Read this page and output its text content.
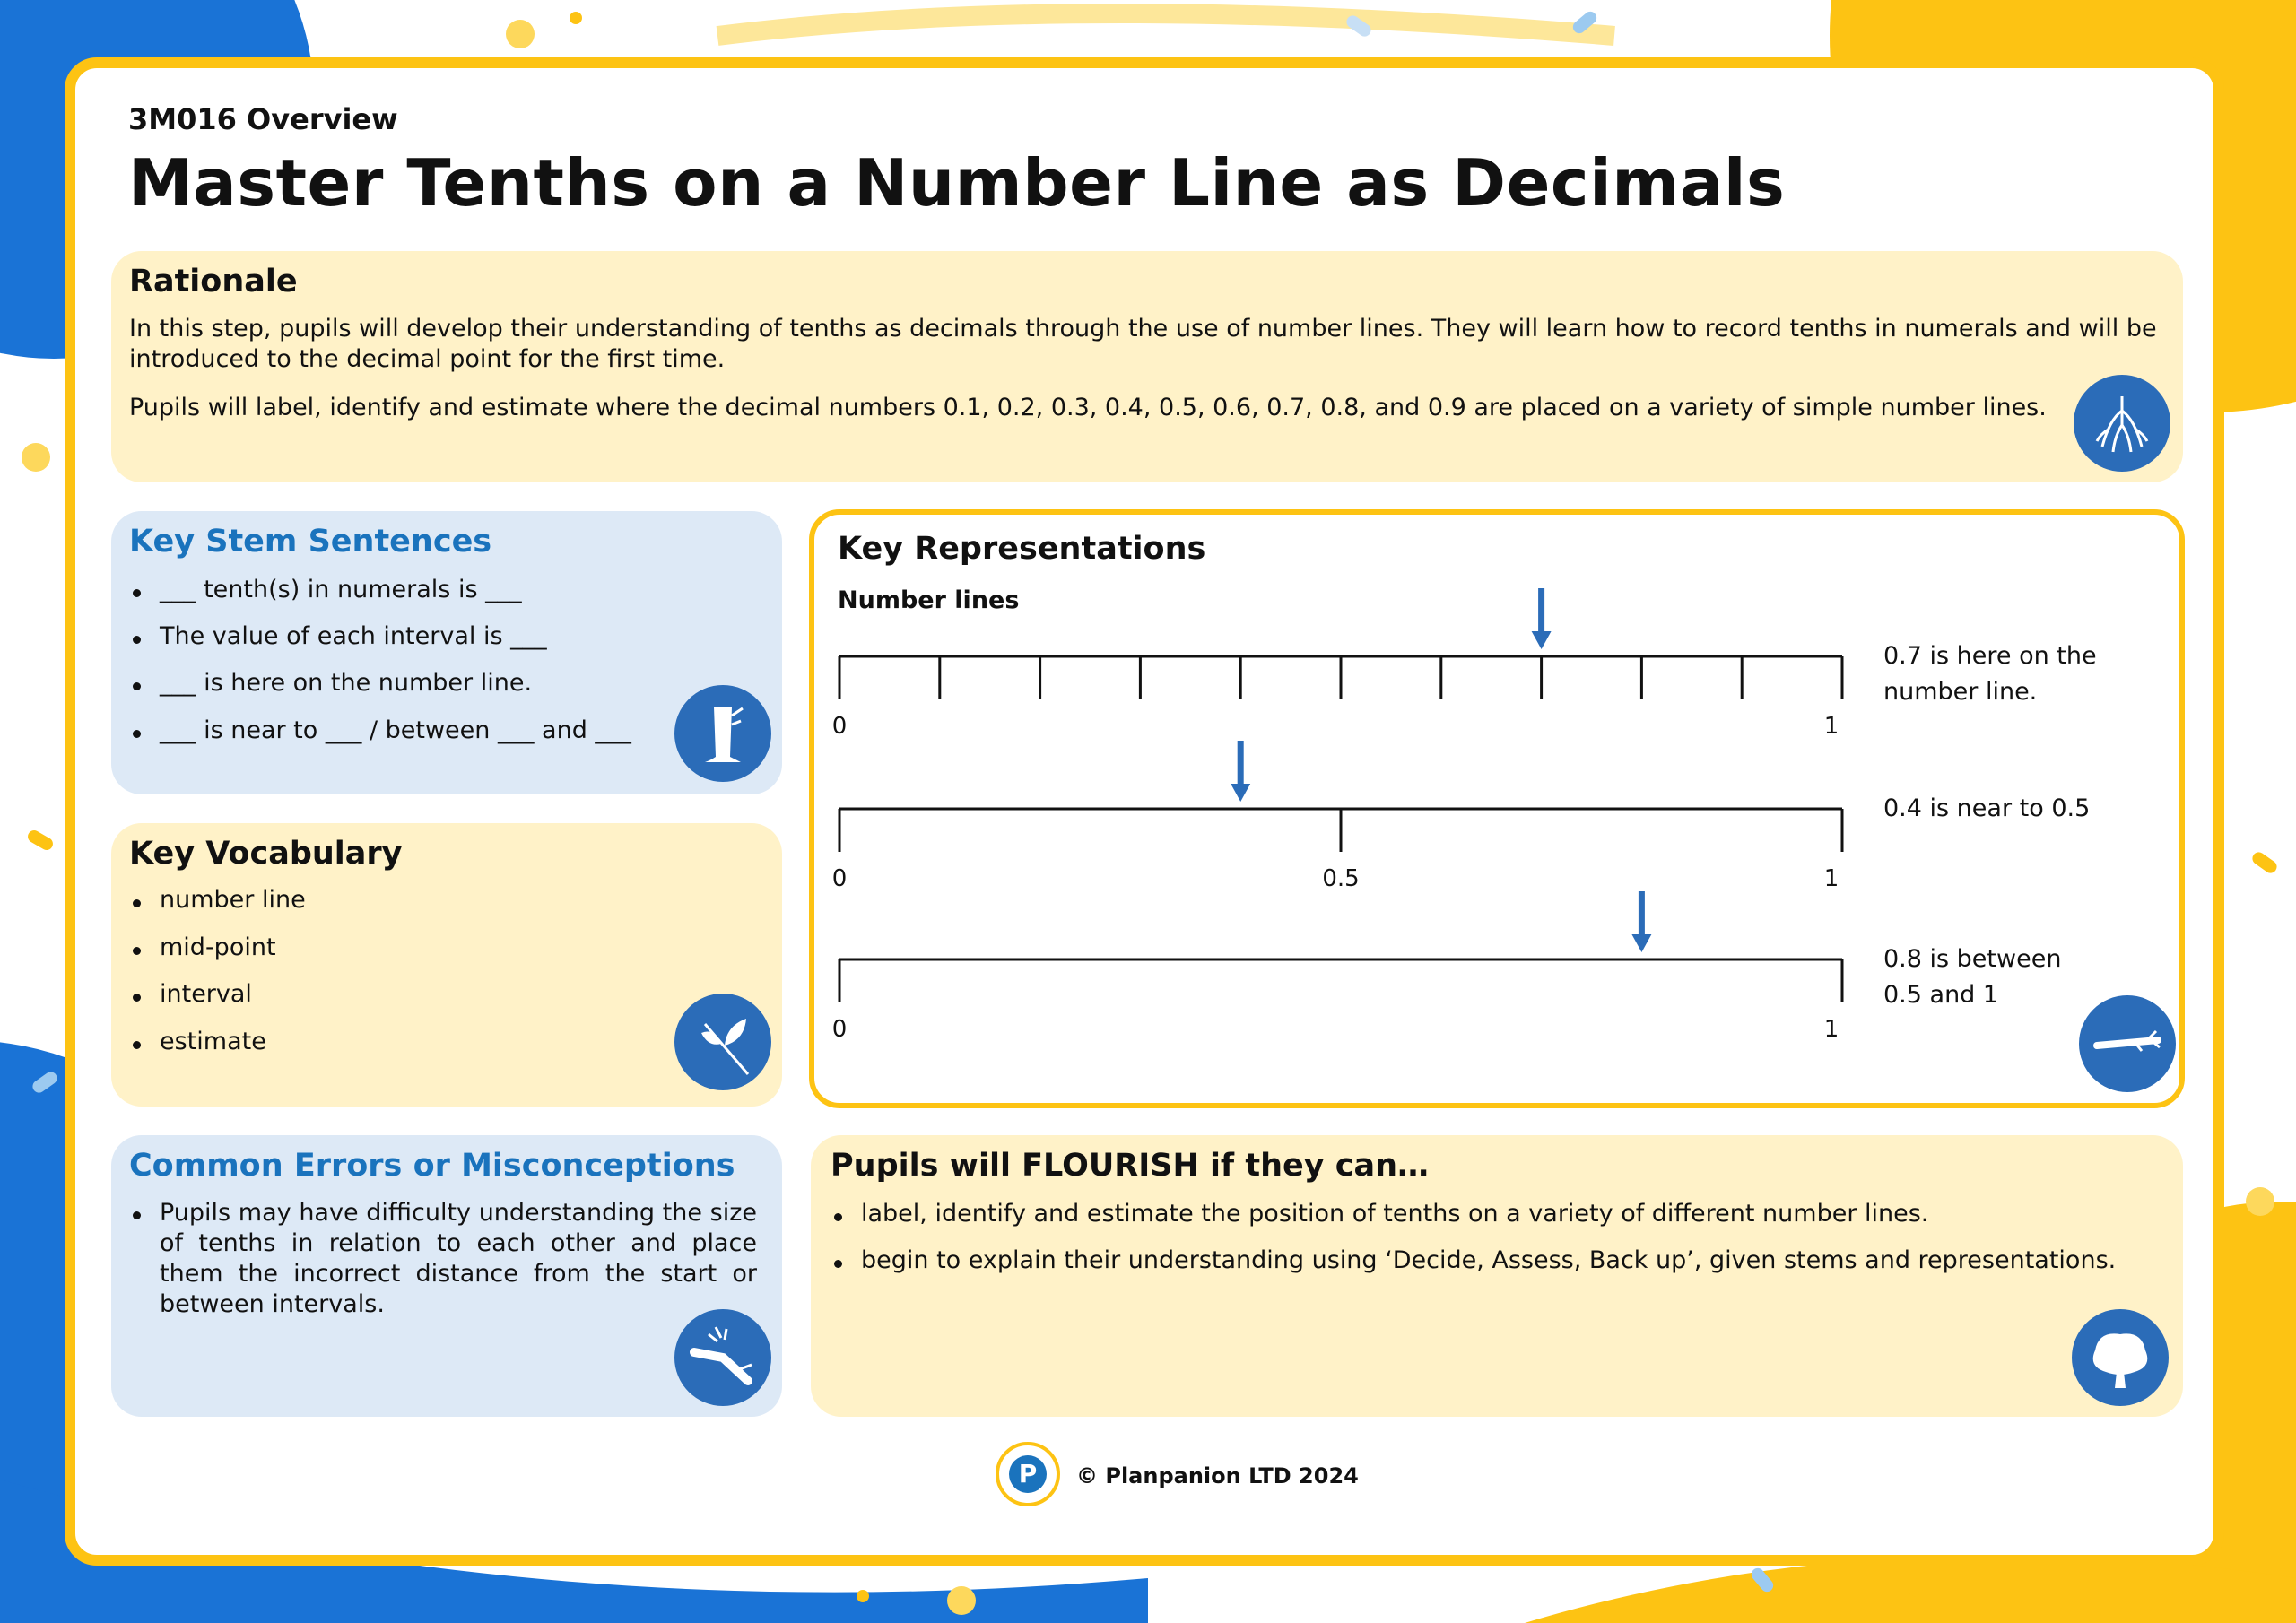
3M016 Overview
Master Tenths on a Number Line as Decimals
Rationale
In this step, pupils will develop their understanding of tenths as decimals through the use of number lines. They will learn how to record tenths in numerals and will be introduced to the decimal point for the first time.
Pupils will label, identify and estimate where the decimal numbers 0.1, 0.2, 0.3, 0.4, 0.5, 0.6, 0.7, 0.8, and 0.9 are placed on a variety of simple number lines.
Key Stem Sentences
___ tenth(s) in numerals is ___
The value of each interval is ___
___ is here on the number line.
___ is near to ___ / between ___ and ___
Key Vocabulary
number line
mid-point
interval
estimate
Common Errors or Misconceptions
Pupils may have difficulty understanding the size of tenths in relation to each other and place them the incorrect distance from the start or between intervals.
Key Representations
Number lines
0	1
0.7 is here on the
number line.
0	1
0.5
0.4 is near to 0.5
0	1
0.8 is between
0.5 and 1
Pupils will FLOURISH if they can…
label, identify and estimate the position of tenths on a variety of different number lines.
begin to explain their understanding using ‘Decide, Assess, Back up’, given stems and representations.
P	© Planpanion LTD 2024
